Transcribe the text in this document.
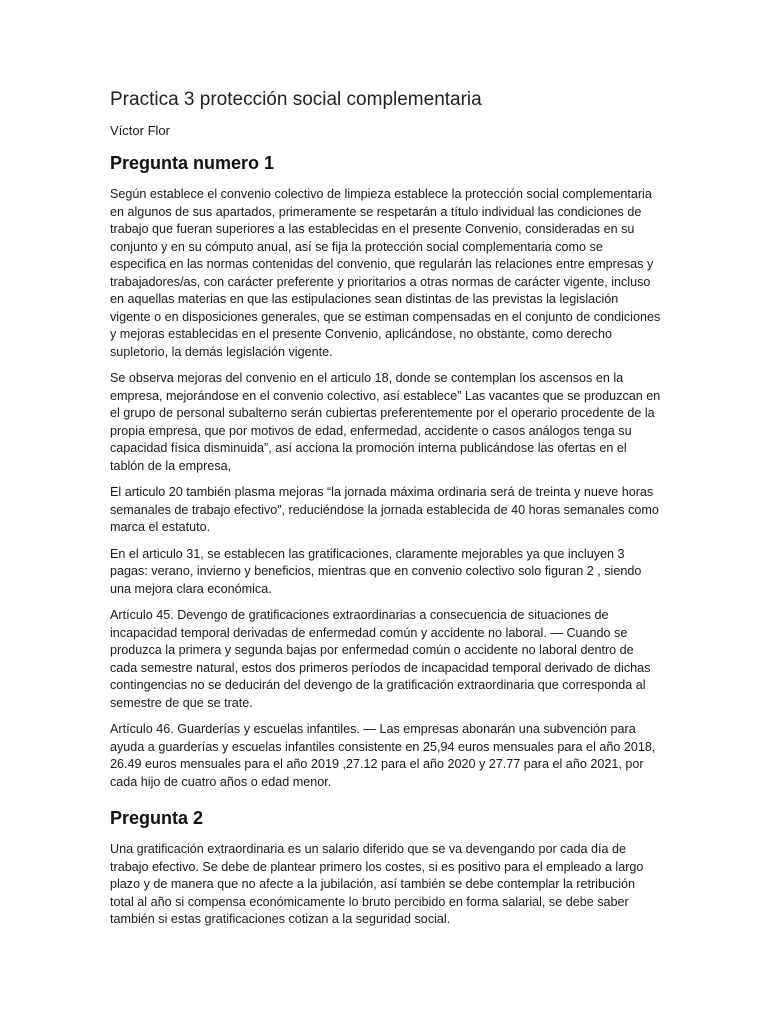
Practica 3 protección social complementaria

Víctor Flor

Pregunta numero 1

Según establece el convenio colectivo de limpieza establece la protección social complementaria en algunos de sus apartados, primeramente se respetarán a título individual las condiciones de trabajo que fueran superiores a las establecidas en el presente Convenio, consideradas en su conjunto y en su cómputo anual, así se fija la protección social complementaria como se especifica en las normas contenidas del convenio, que regularán las relaciones entre empresas y trabajadores/as, con carácter preferente y prioritarios a otras normas de carácter vigente, incluso en aquellas materias en que las estipulaciones sean distintas de las previstas la legislación vigente o en disposiciones generales, que se estiman compensadas en el conjunto de condiciones y mejoras establecidas en el presente Convenio, aplicándose, no obstante, como derecho supletorio, la demás legislación vigente.

Se observa mejoras del convenio en el articulo 18, donde se contemplan los ascensos en la empresa, mejorándose en el convenio colectivo, así establece” Las vacantes que se produzcan en el grupo de personal subalterno serán cubiertas preferentemente por el operario procedente de la propia empresa, que por motivos de edad, enfermedad, accidente o casos análogos tenga su capacidad física disminuida”, así acciona la promoción interna publicándose las ofertas en el tablón de la empresa,

El articulo 20 también plasma mejoras “la jornada máxima ordinaria será de treinta y nueve horas semanales de trabajo efectivo”, reduciéndose la jornada establecida de 40 horas semanales como marca el estatuto.

En el articulo 31, se establecen las gratificaciones, claramente mejorables ya que incluyen 3 pagas: verano, invierno y beneficios, mientras que en convenio colectivo solo figuran 2 , siendo una mejora clara económica.

Artículo 45. Devengo de gratificaciones extraordinarias a consecuencia de situaciones de incapacidad temporal derivadas de enfermedad común y accidente no laboral. — Cuando se produzca la primera y segunda bajas por enfermedad común o accidente no laboral dentro de cada semestre natural, estos dos primeros períodos de incapacidad temporal derivado de dichas contingencias no se deducirán del devengo de la gratificación extraordinaria que corresponda al semestre de que se trate.

Artículo 46. Guarderías y escuelas infantiles. — Las empresas abonarán una subvención para ayuda a guarderías y escuelas infantiles consistente en 25,94 euros mensuales para el año 2018, 26.49 euros mensuales para el año 2019 ,27.12 para el año 2020 y 27.77 para el año 2021, por cada hijo de cuatro años o edad menor.

Pregunta 2

Una gratificación extraordinaria es un salario diferido que se va devengando por cada día de trabajo efectivo. Se debe de plantear primero los costes, si es positivo para el empleado a largo plazo y de manera que no afecte a la jubilación, así también se debe contemplar la retribución total al año si compensa económicamente lo bruto percibido en forma salarial, se debe saber también si estas gratificaciones cotizan a la seguridad social.
